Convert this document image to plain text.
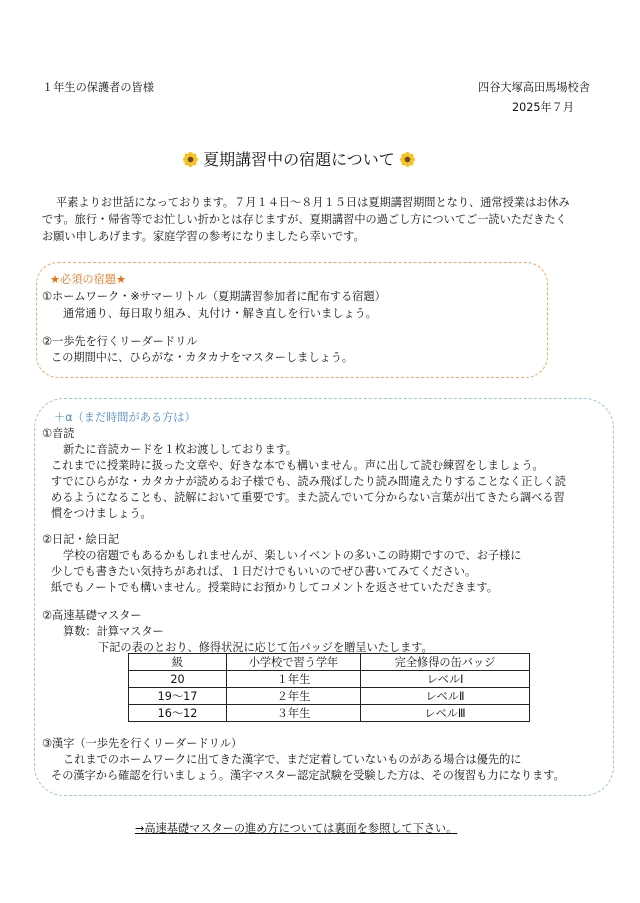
１年生の保護者の皆様	四谷大塚高田馬場校舎
2025年７月
夏期講習中の宿題について
平素よりお世話になっております。７月１４日～８月１５日は夏期講習期間となり、通常授業はお休み
です。旅行・帰省等でお忙しい折かとは存じますが、夏期講習中の過ごし方についてご一読いただきたく
お願い申しあげます。家庭学習の参考になりましたら幸いです。
★必須の宿題★
①ホームワーク・※サマーリトル（夏期講習参加者に配布する宿題）
通常通り、毎日取り組み、丸付け・解き直しを行いましょう。
②一歩先を行くリーダードリル
この期間中に、ひらがな・カタカナをマスターしましょう。
＋α（まだ時間がある方は）
①音読
新たに音読カードを１枚お渡ししております。
これまでに授業時に扱った文章や、好きな本でも構いません。声に出して読む練習をしましょう。
すでにひらがな・カタカナが読めるお子様でも、読み飛ばしたり読み間違えたりすることなく正しく読
めるようになることも、読解において重要です。また読んでいて分からない言葉が出てきたら調べる習
慣をつけましょう。
②日記・絵日記
学校の宿題でもあるかもしれませんが、楽しいイベントの多いこの時期ですので、お子様に
少しでも書きたい気持ちがあれば、１日だけでもいいのでぜひ書いてみてください。
紙でもノートでも構いません。授業時にお預かりしてコメントを返させていただきます。
②高速基礎マスター
算数：計算マスター
下記の表のとおり、修得状況に応じて缶バッジを贈呈いたします。
級	小学校で習う学年	完全修得の缶バッジ
20	１年生	レベルⅠ
19～17	２年生	レベルⅡ
16～12	３年生	レベルⅢ
③漢字（一歩先を行くリーダードリル）
これまでのホームワークに出てきた漢字で、まだ定着していないものがある場合は優先的に
その漢字から確認を行いましょう。漢字マスター認定試験を受験した方は、その復習も力になります。
→高速基礎マスターの進め方については裏面を参照して下さい。
